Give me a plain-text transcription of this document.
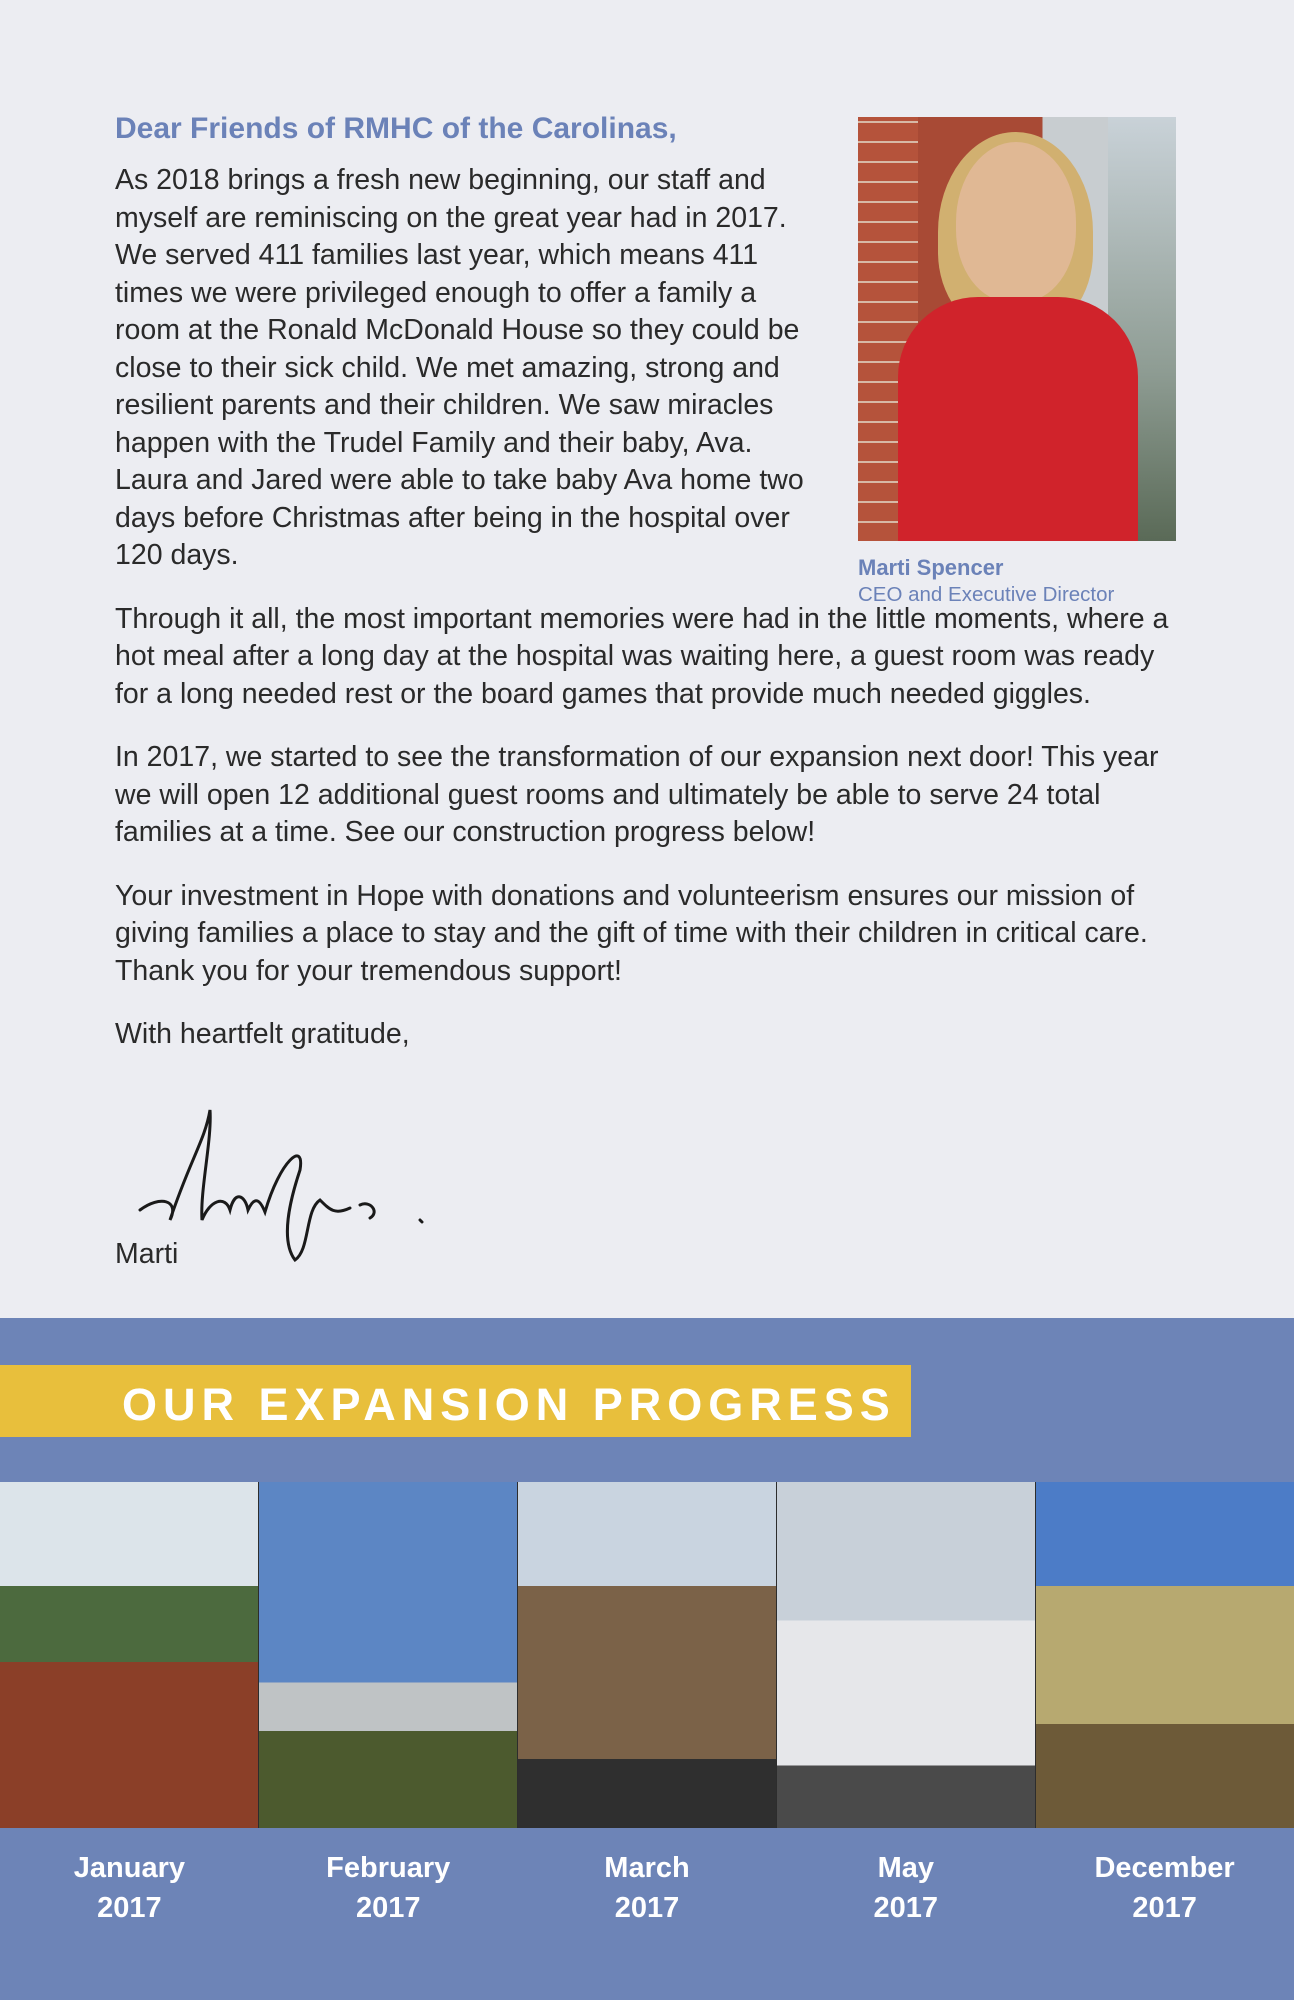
Dear Friends of RMHC of the Carolinas,

As 2018 brings a fresh new beginning, our staff and myself are reminiscing on the great year had in 2017. We served 411 families last year, which means 411 times we were privileged enough to offer a family a room at the Ronald McDonald House so they could be close to their sick child. We met amazing, strong and resilient parents and their children. We saw miracles happen with the Trudel Family and their baby, Ava. Laura and Jared were able to take baby Ava home two days before Christmas after being in the hospital over 120 days.

Through it all, the most important memories were had in the little moments, where a hot meal after a long day at the hospital was waiting here, a guest room was ready for a long needed rest or the board games that provide much needed giggles.

In 2017, we started to see the transformation of our expansion next door! This year we will open 12 additional guest rooms and ultimately be able to serve 24 total families at a time. See our construction progress below!

Your investment in Hope with donations and volunteerism ensures our mission of giving families a place to stay and the gift of time with their children in critical care. Thank you for your tremendous support!

With heartfelt gratitude,

Marti Spencer
CEO and Executive Director
Marti
OUR EXPANSION PROGRESS
January
2017
February
2017
March
2017
May
2017
December
2017
